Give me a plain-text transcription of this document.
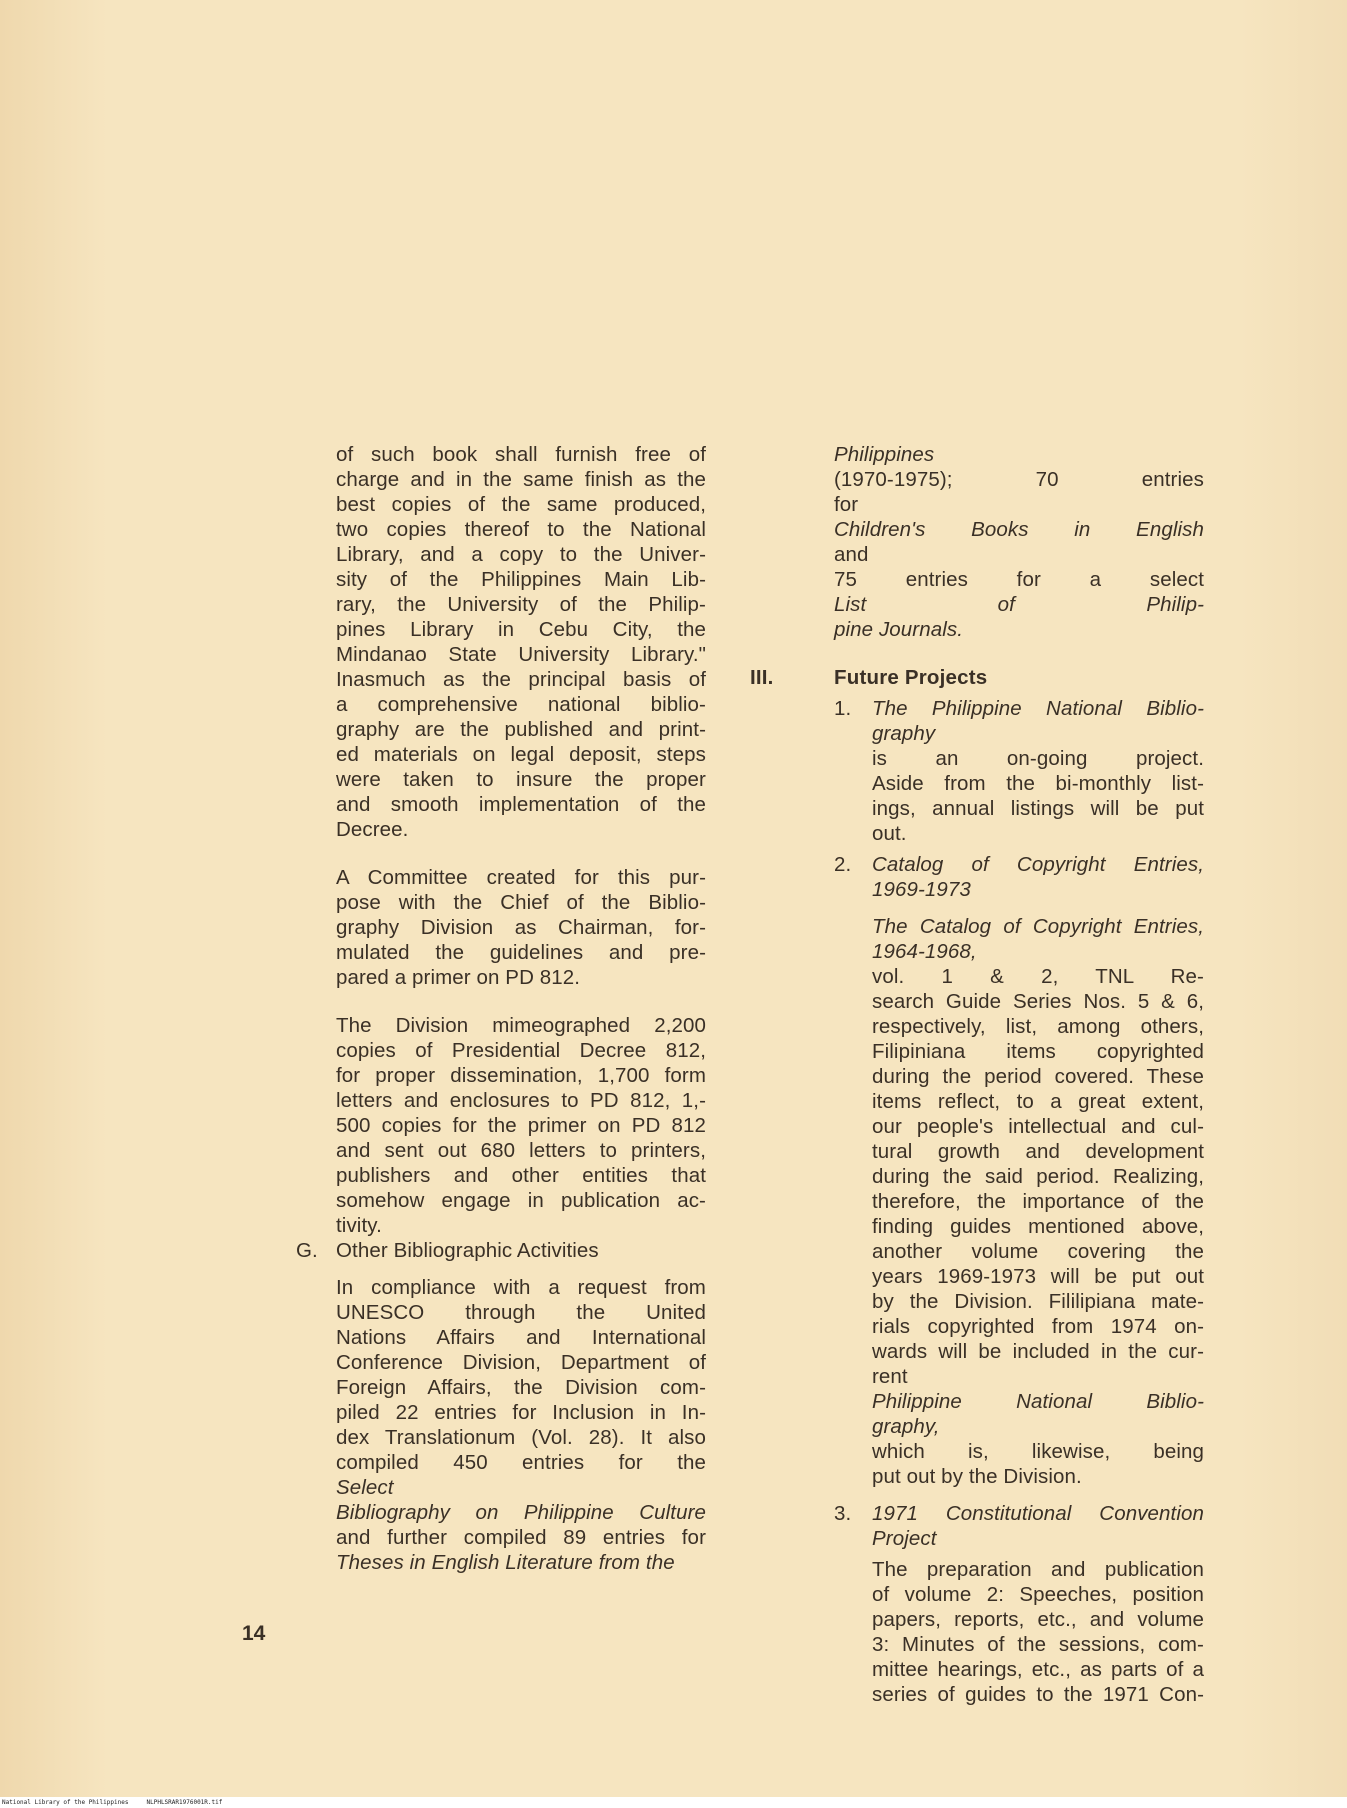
of such book shall furnish free of
charge and in the same finish as the
best copies of the same produced,
two copies thereof to the National
Library, and a copy to the Univer-
sity of the Philippines Main Lib-
rary, the University of the Philip-
pines Library in Cebu City, the
Mindanao State University Library."
Inasmuch as the principal basis of
a comprehensive national biblio-
graphy are the published and print-
ed materials on legal deposit, steps
were taken to insure the proper
and smooth implementation of the
Decree.
A Committee created for this pur-
pose with the Chief of the Biblio-
graphy Division as Chairman, for-
mulated the guidelines and pre-
pared a primer on PD 812.
The Division mimeographed 2,200
copies of Presidential Decree 812,
for proper dissemination, 1,700 form
letters and enclosures to PD 812, 1,-
500 copies for the primer on PD 812
and sent out 680 letters to printers,
publishers and other entities that
somehow engage in publication ac-
tivity.
G. Other Bibliographic Activities
In compliance with a request from
UNESCO through the United
Nations Affairs and International
Conference Division, Department of
Foreign Affairs, the Division com-
piled 22 entries for Inclusion in In-
dex Translationum (Vol. 28). It also
compiled 450 entries for the
Select
Bibliography on Philippine Culture
and further compiled 89 entries for
Theses in English Literature from the
Philippines
(1970-1975); 70 entries
for
Children's Books in English
and
75 entries for a select
List of Philip-
pine Journals.
III.	Future Projects
1. The Philippine National Biblio-
graphy
is an on-going project.
Aside from the bi-monthly list-
ings, annual listings will be put
out.
2. Catalog of Copyright Entries,
1969-1973
The Catalog of Copyright Entries,
1964-1968,
vol. 1 & 2, TNL Re-
search Guide Series Nos. 5 & 6,
respectively, list, among others,
Filipiniana items copyrighted
during the period covered. These
items reflect, to a great extent,
our people's intellectual and cul-
tural growth and development
during the said period. Realizing,
therefore, the importance of the
finding guides mentioned above,
another volume covering the
years 1969-1973 will be put out
by the Division. Fililipiana mate-
rials copyrighted from 1974 on-
wards will be included in the cur-
rent
Philippine National Biblio-
graphy,
which is, likewise, being
put out by the Division.
3. 1971 Constitutional Convention
Project
The preparation and publication
of volume 2: Speeches, position
papers, reports, etc., and volume
3: Minutes of the sessions, com-
mittee hearings, etc., as parts of a
series of guides to the 1971 Con-
14
National Library of the Philippines     NLPHLSRAR1976001R.tif
